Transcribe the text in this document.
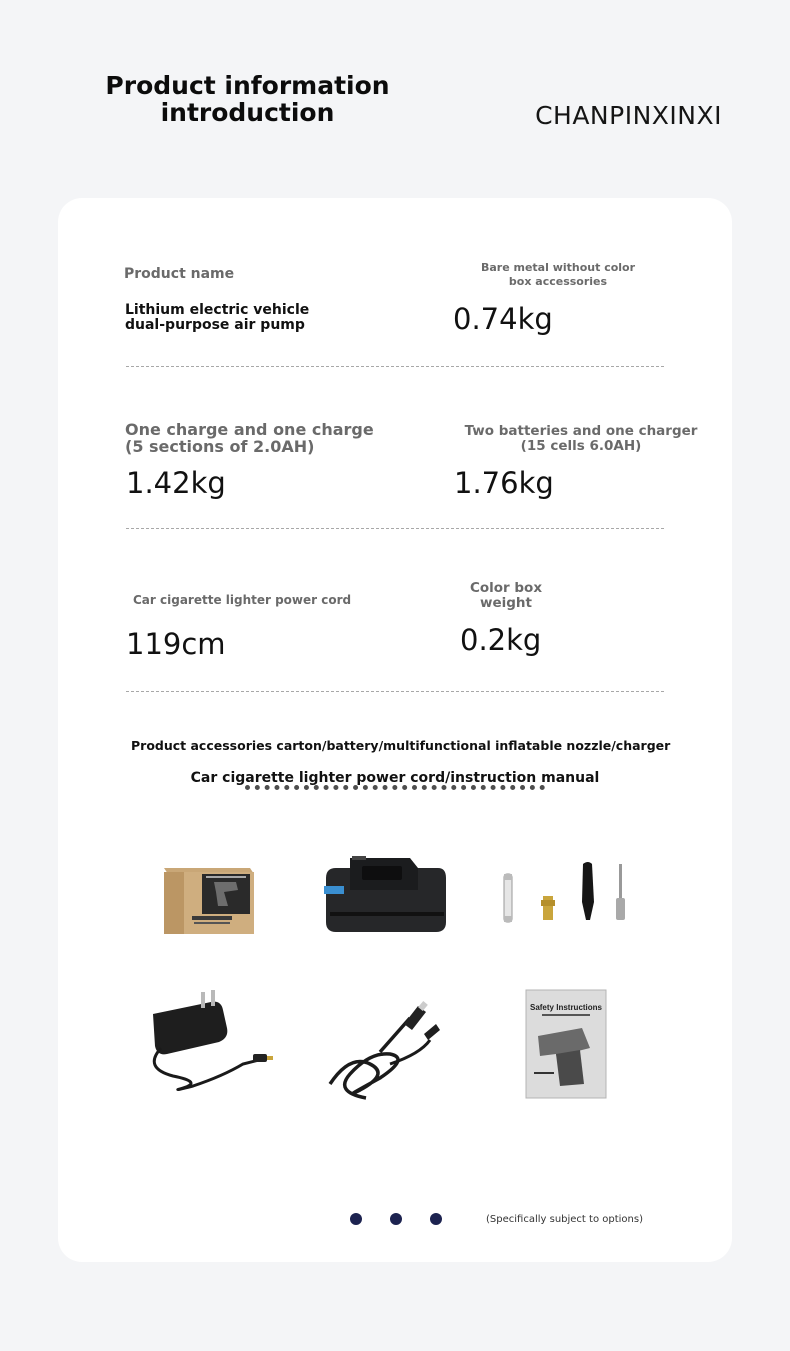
Product information introduction	CHANPINXINXI
Product name
Lithium electric vehicle dual-purpose air pump
Bare metal without color box accessories
0.74kg
One charge and one charge (5 sections of 2.0AH)
1.42kg
Two batteries and one charger (15 cells 6.0AH)
1.76kg
Car cigarette lighter power cord
119cm
Color box weight
0.2kg
Product accessories carton/battery/multifunctional inflatable nozzle/charger
Car cigarette lighter power cord/instruction manual
Safety Instructions
(Specifically subject to options)
